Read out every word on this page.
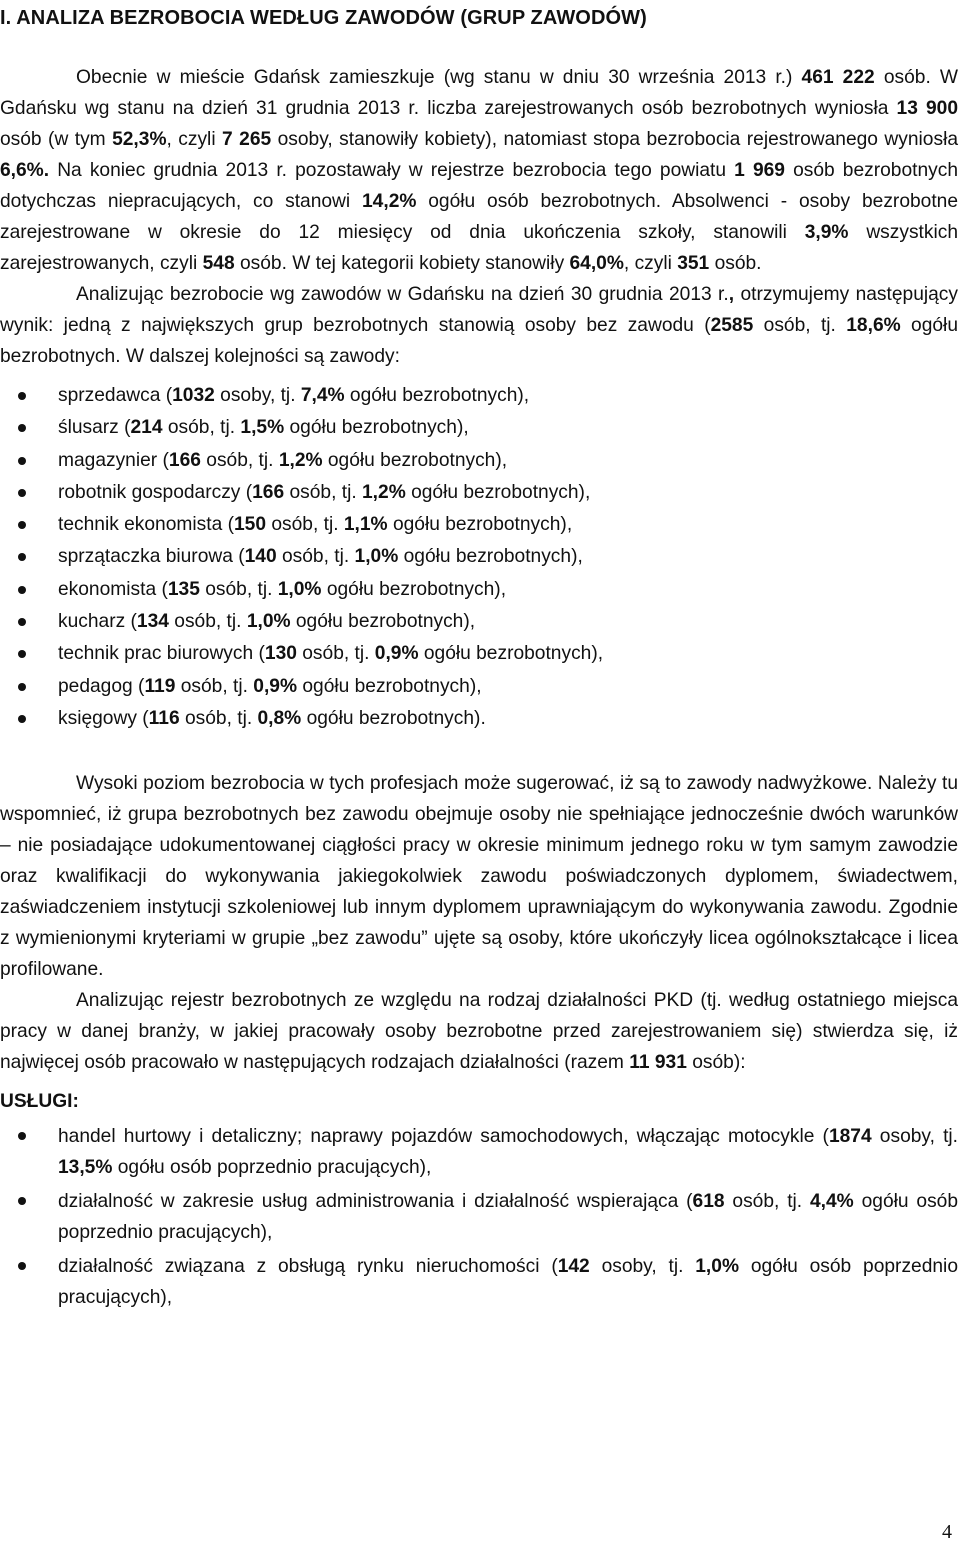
I. ANALIZA BEZROBOCIA WEDŁUG ZAWODÓW (GRUP ZAWODÓW)

Obecnie w mieście Gdańsk zamieszkuje (wg stanu w dniu 30 września 2013 r.) 461 222 osób. W Gdańsku wg stanu na dzień 31 grudnia 2013 r. liczba zarejestrowanych osób bezrobotnych wyniosła 13 900 osób (w tym 52,3%, czyli 7 265 osoby, stanowiły kobiety), natomiast stopa bezrobocia rejestrowanego wyniosła 6,6%. Na koniec grudnia 2013 r. pozostawały w rejestrze bezrobocia tego powiatu 1 969 osób bezrobotnych dotychczas niepracujących, co stanowi 14,2% ogółu osób bezrobotnych. Absolwenci - osoby bezrobotne zarejestrowane w okresie do 12 miesięcy od dnia ukończenia szkoły, stanowili 3,9% wszystkich zarejestrowanych, czyli 548 osób. W tej kategorii kobiety stanowiły 64,0%, czyli 351 osób.

Analizując bezrobocie wg zawodów w Gdańsku na dzień 30 grudnia 2013 r., otrzymujemy następujący wynik: jedną z największych grup bezrobotnych stanowią osoby bez zawodu (2585 osób, tj. 18,6% ogółu bezrobotnych. W dalszej kolejności są zawody:

sprzedawca (1032 osoby, tj. 7,4% ogółu bezrobotnych),
ślusarz (214 osób, tj. 1,5% ogółu bezrobotnych),
magazynier (166 osób, tj. 1,2% ogółu bezrobotnych),
robotnik gospodarczy (166 osób, tj. 1,2% ogółu bezrobotnych),
technik ekonomista (150 osób, tj. 1,1% ogółu bezrobotnych),
sprzątaczka biurowa (140 osób, tj. 1,0% ogółu bezrobotnych),
ekonomista (135 osób, tj. 1,0% ogółu bezrobotnych),
kucharz (134 osób, tj. 1,0% ogółu bezrobotnych),
technik prac biurowych (130 osób, tj. 0,9% ogółu bezrobotnych),
pedagog (119 osób, tj. 0,9% ogółu bezrobotnych),
księgowy (116 osób, tj. 0,8% ogółu bezrobotnych).

Wysoki poziom bezrobocia w tych profesjach może sugerować, iż są to zawody nadwyżkowe. Należy tu wspomnieć, iż grupa bezrobotnych bez zawodu obejmuje osoby nie spełniające jednocześnie dwóch warunków – nie posiadające udokumentowanej ciągłości pracy w okresie minimum jednego roku w tym samym zawodzie oraz kwalifikacji do wykonywania jakiegokolwiek zawodu poświadczonych dyplomem, świadectwem, zaświadczeniem instytucji szkoleniowej lub innym dyplomem uprawniającym do wykonywania zawodu. Zgodnie z wymienionymi kryteriami w grupie „bez zawodu” ujęte są osoby, które ukończyły licea ogólnokształcące i licea profilowane.

Analizując rejestr bezrobotnych ze względu na rodzaj działalności PKD (tj. według ostatniego miejsca pracy w danej branży, w jakiej pracowały osoby bezrobotne przed zarejestrowaniem się) stwierdza się, iż najwięcej osób pracowało w następujących rodzajach działalności (razem 11 931 osób):

USŁUGI:
handel hurtowy i detaliczny; naprawy pojazdów samochodowych, włączając motocykle (1874 osoby, tj. 13,5% ogółu osób poprzednio pracujących),
działalność w zakresie usług administrowania i działalność wspierająca (618 osób, tj. 4,4% ogółu osób poprzednio pracujących),
działalność związana z obsługą rynku nieruchomości (142 osoby, tj. 1,0% ogółu osób poprzednio pracujących),
4
